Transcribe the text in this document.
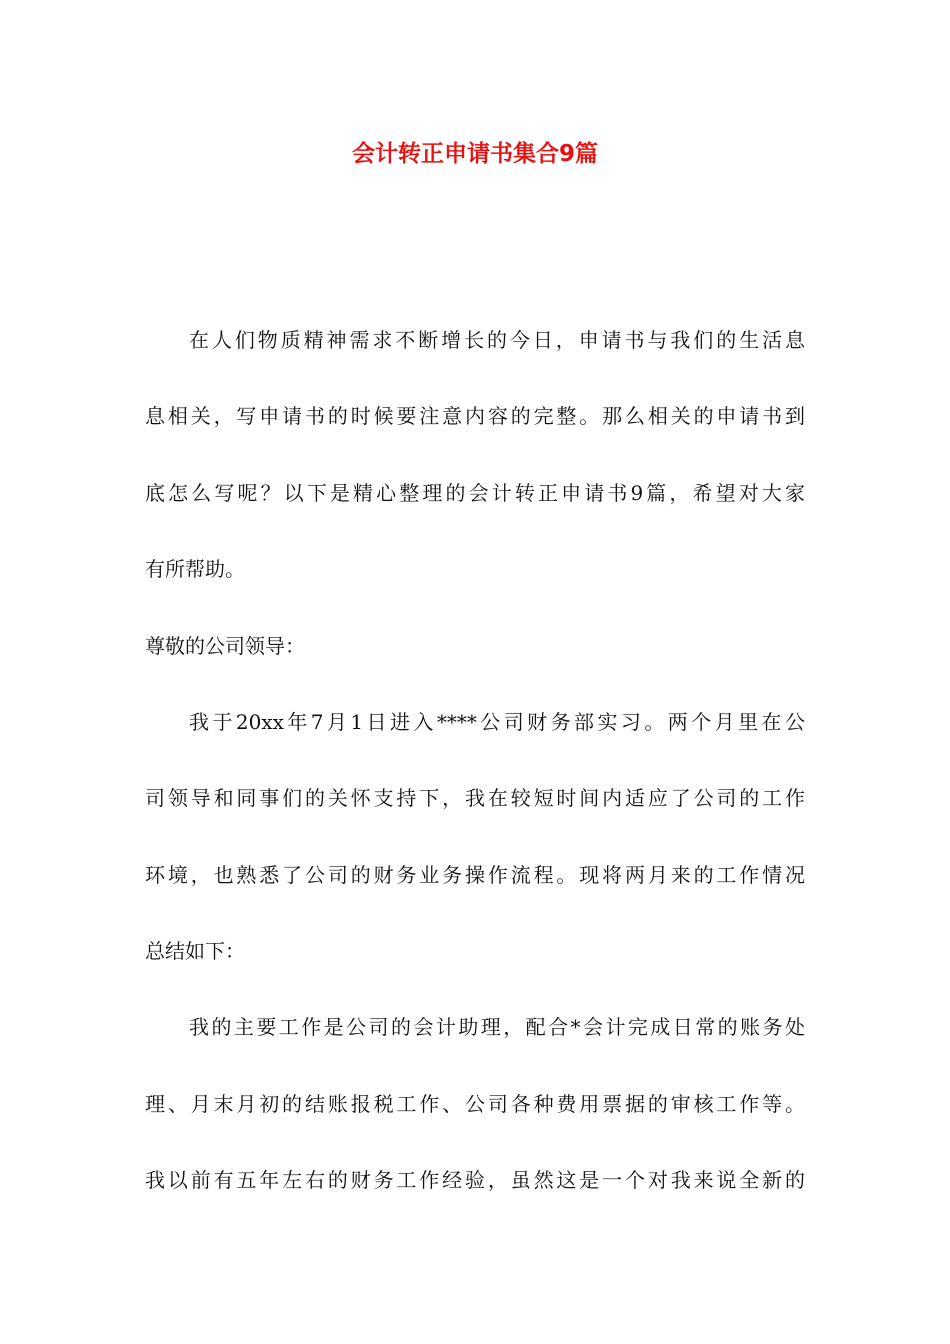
会计转正申请书集合9篇
在人们物质精神需求不断增长的今日，申请书与我们的生活息
息相关，写申请书的时候要注意内容的完整。那么相关的申请书到
底怎么写呢？以下是精心整理的会计转正申请书9篇，希望对大家
有所帮助。
尊敬的公司领导：
我于20xx年7月1日进入****公司财务部实习。两个月里在公
司领导和同事们的关怀支持下，我在较短时间内适应了公司的工作
环境，也熟悉了公司的财务业务操作流程。现将两月来的工作情况
总结如下：
我的主要工作是公司的会计助理，配合*会计完成日常的账务处
理、月末月初的结账报税工作、公司各种费用票据的审核工作等。
我以前有五年左右的财务工作经验，虽然这是一个对我来说全新的
